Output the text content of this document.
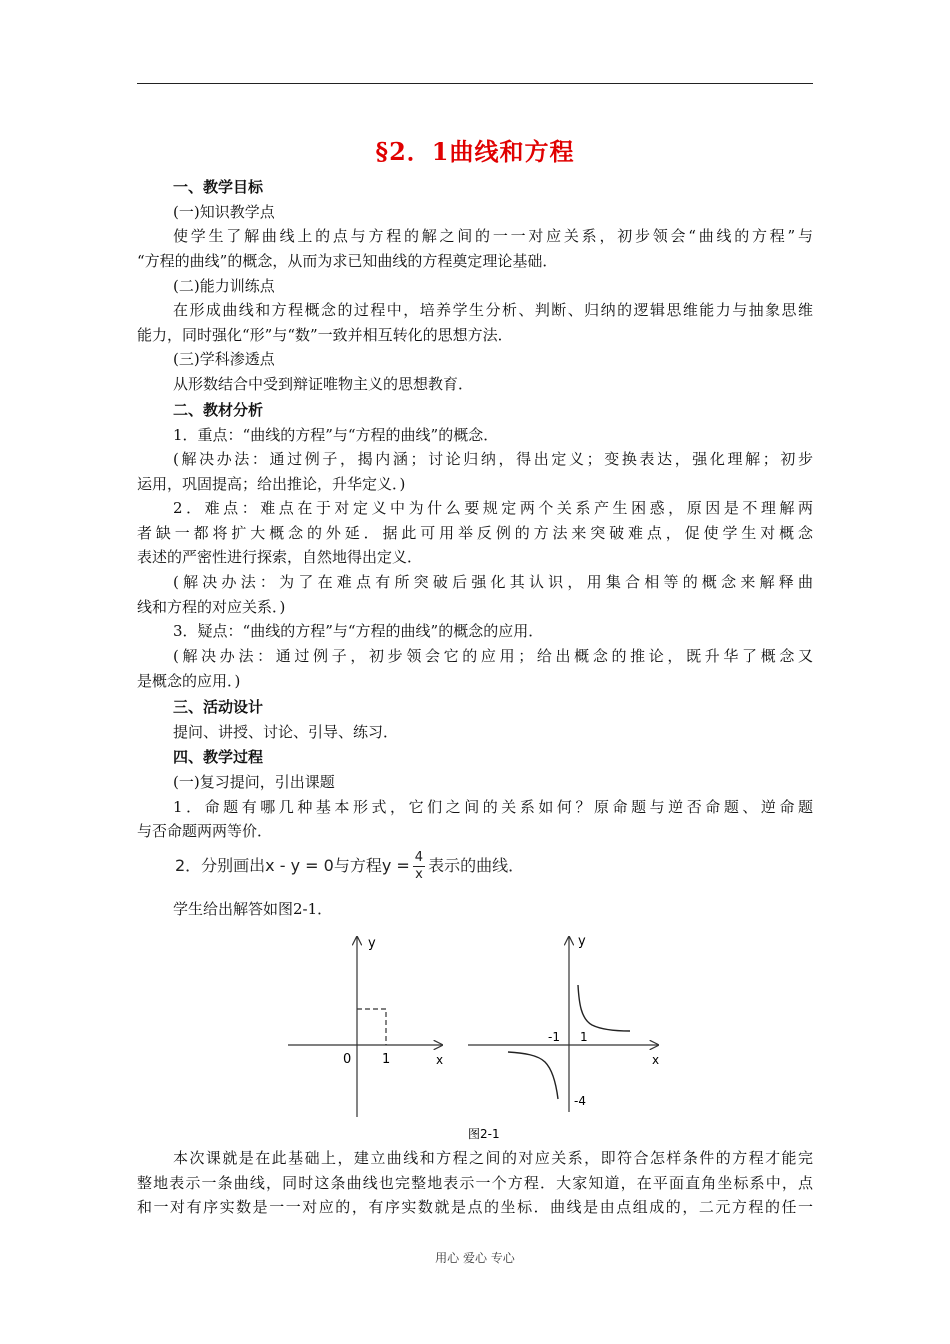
§2．1曲线和方程
一、教学目标
(一)知识教学点
使学生了解曲线上的点与方程的解之间的一一对应关系，初步领会“曲线的方程”与
“方程的曲线”的概念，从而为求已知曲线的方程奠定理论基础．
(二)能力训练点
在形成曲线和方程概念的过程中，培养学生分析、判断、归纳的逻辑思维能力与抽象思维
能力，同时强化“形”与“数”一致并相互转化的思想方法．
(三)学科渗透点
从形数结合中受到辩证唯物主义的思想教育．
二、教材分析
1．重点：“曲线的方程”与“方程的曲线”的概念．
(解决办法：通过例子，揭内涵；讨论归纳，得出定义；变换表达，强化理解；初步
运用，巩固提高；给出推论，升华定义．)
2．难点：难点在于对定义中为什么要规定两个关系产生困惑，原因是不理解两
者缺一都将扩大概念的外延．据此可用举反例的方法来突破难点，促使学生对概念
表述的严密性进行探索，自然地得出定义．
(解决办法：为了在难点有所突破后强化其认识，用集合相等的概念来解释曲
线和方程的对应关系．)
3．疑点：“曲线的方程”与“方程的曲线”的概念的应用．
(解决办法：通过例子，初步领会它的应用；给出概念的推论，既升华了概念又
是概念的应用．)
三、活动设计
提问、讲授、讨论、引导、练习．
四、教学过程
(一)复习提问，引出课题
1．命题有哪几种基本形式，它们之间的关系如何？原命题与逆否命题、逆命题
与否命题两两等价．
2．分别画出x - y = 0与方程$y = \frac{4}{x}$ 表示的曲线．
学生给出解答如图2-1．
y
x
0 1
y
x
-1 1
-4
图2-1
本次课就是在此基础上，建立曲线和方程之间的对应关系，即符合怎样条件的方程才能完
整地表示一条曲线，同时这条曲线也完整地表示一个方程．大家知道，在平面直角坐标系中，点
和一对有序实数是一一对应的，有序实数就是点的坐标．曲线是由点组成的，二元方程的任一
用心 爱心 专心
